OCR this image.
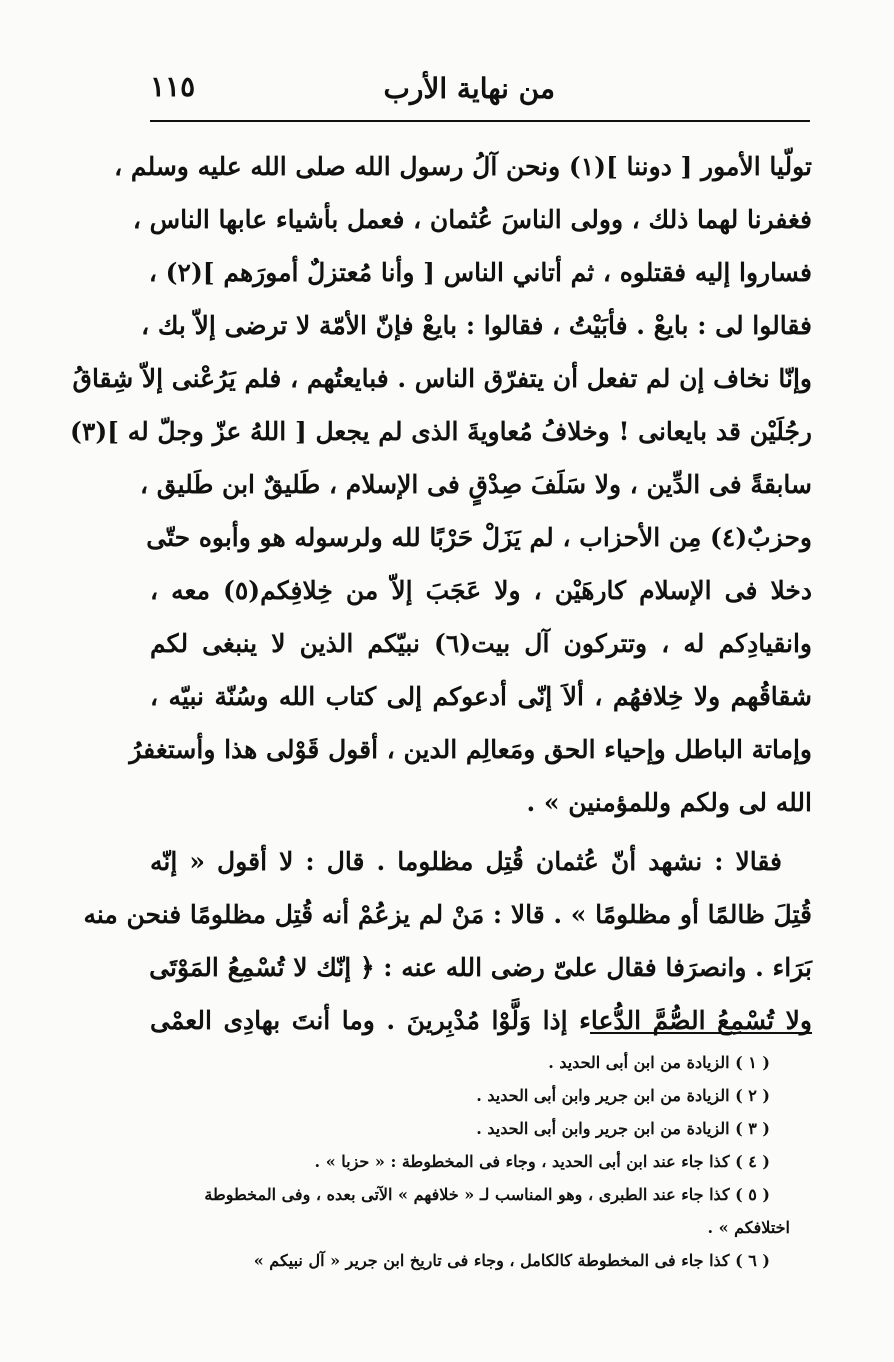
من نهاية الأرب
١١٥
تولّيا الأمور [ دوننا ](١) ونحن آلُ رسول الله صلى الله عليه وسلم ،
فغفرنا لهما ذلك ، وولى الناسَ عُثمان ، فعمل بأشياء عابها الناس ،
فساروا إليه فقتلوه ، ثم أتاني الناس [ وأنا مُعتزلٌ أمورَهم ](٢) ،
فقالوا لى : بايعْ . فأبَيْتُ ، فقالوا : بايعْ فإنّ الأمّة لا ترضى إلاّ بك ،
وإنّا نخاف إن لم تفعل أن يتفرّق الناس . فبايعتُهم ، فلم يَرُعْنى إلاّ شِقاقُ
رجُلَيْن قد بايعانى ! وخلافُ مُعاويةَ الذى لم يجعل [ اللهُ عزّ وجلّ له ](٣)
سابقةً فى الدِّين ، ولا سَلَفَ صِدْقٍ فى الإسلام ، طَليقٌ ابن طَليق ،
وحزبٌ(٤) مِن الأحزاب ، لم يَزَلْ حَرْبًا لله ولرسوله هو وأبوه حتّى
دخلا فى الإسلام كارهَيْن ، ولا عَجَبَ إلاّ من خِلافِكم(٥) معه ،
وانقيادِكم له ، وتتركون آل بيت(٦) نبيّكم الذين لا ينبغى لكم
شقاقُهم ولا خِلافهُم ، ألاَ إنّى أدعوكم إلى كتاب الله وسُنّة نبيّه ،
وإماتة الباطل وإحياء الحق ومَعالِم الدين ، أقول قَوْلى هذا وأستغفرُ
الله لى ولكم وللمؤمنين » .
فقالا : نشهد أنّ عُثمان قُتِل مظلوما . قال : لا أقول « إنّه
قُتِلَ ظالمًا أو مظلومًا » . قالا : مَنْ لم يزعُمْ أنه قُتِل مظلومًا فنحن منه
بَرَاء . وانصرَفا فقال علىّ رضى الله عنه : ﴿ إنّك لا تُسْمِعُ المَوْتَى
ولا تُسْمِعُ الصُّمَّ الدُّعاء إذا وَلَّوْا مُدْبِرينَ . وما أنتَ بهادِى العمْى
( ١ ) الزيادة من ابن أبى الحديد .
( ٢ ) الزيادة من ابن جرير وابن أبى الحديد .
( ٣ ) الزيادة من ابن جرير وابن أبى الحديد .
( ٤ ) كذا جاء عند ابن أبى الحديد ، وجاء فى المخطوطة : « حزبا » .
( ٥ ) كذا جاء عند الطبرى ، وهو المناسب لـ « خلافهم » الآتى بعده ، وفى المخطوطة
اختلافكم » .
( ٦ ) كذا جاء فى المخطوطة كالكامل ، وجاء فى تاريخ ابن جرير « آل نبيكم »
